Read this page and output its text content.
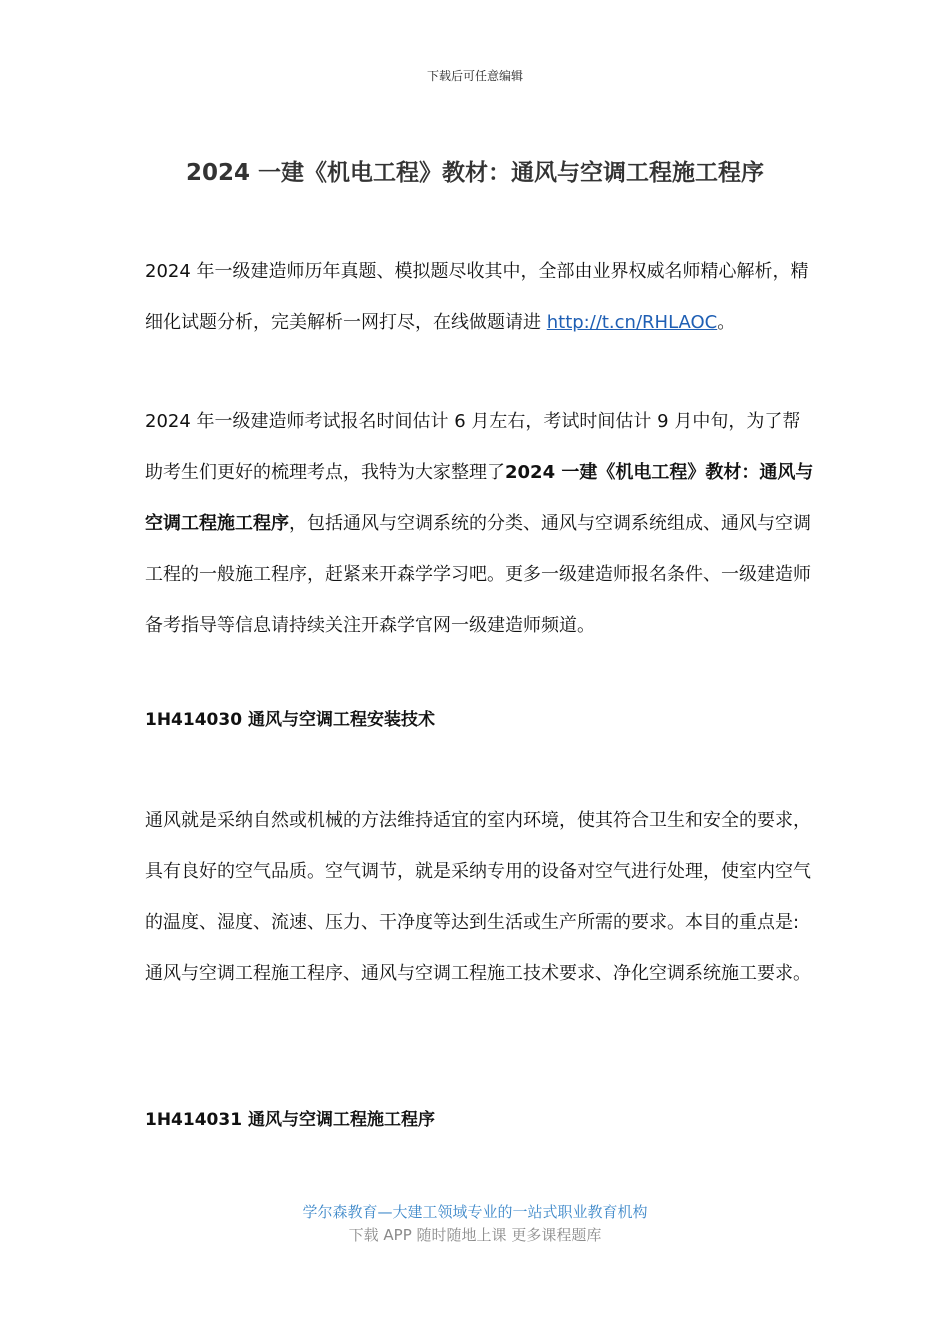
下载后可任意编辑
2024 一建《机电工程》教材：通风与空调工程施工程序

2024 年一级建造师历年真题、模拟题尽收其中，全部由业界权威名师精心解析，精细化试题分析，完美解析一网打尽，在线做题请进 http://t.cn/RHLAOC。

2024 年一级建造师考试报名时间估计 6 月左右，考试时间估计 9 月中旬，为了帮助考生们更好的梳理考点，我特为大家整理了2024 一建《机电工程》教材：通风与空调工程施工程序，包括通风与空调系统的分类、通风与空调系统组成、通风与空调工程的一般施工程序，赶紧来开森学学习吧。更多一级建造师报名条件、一级建造师备考指导等信息请持续关注开森学官网一级建造师频道。

1H414030 通风与空调工程安装技术

通风就是采纳自然或机械的方法维持适宜的室内环境，使其符合卫生和安全的要求，具有良好的空气品质。空气调节，就是采纳专用的设备对空气进行处理，使室内空气的温度、湿度、流速、压力、干净度等达到生活或生产所需的要求。本目的重点是:通风与空调工程施工程序、通风与空调工程施工技术要求、净化空调系统施工要求。

1H414031 通风与空调工程施工程序
学尔森教育—大建工领域专业的一站式职业教育机构
下载 APP 随时随地上课 更多课程题库
